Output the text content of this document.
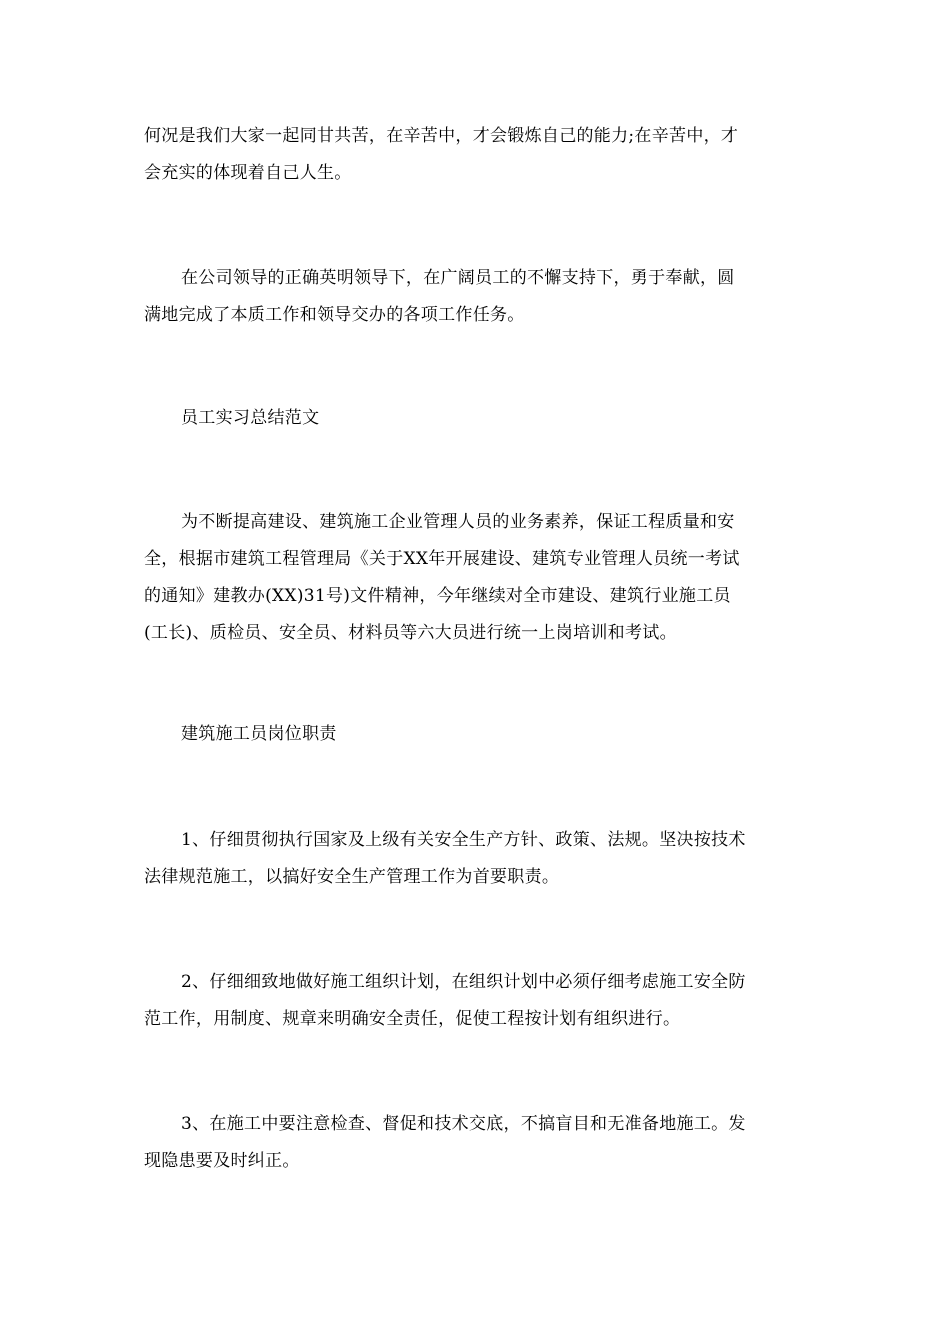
何况是我们大家一起同甘共苦，在辛苦中，才会锻炼自己的能力;在辛苦中，才
会充实的体现着自己人生。

在公司领导的正确英明领导下，在广阔员工的不懈支持下，勇于奉献，圆
满地完成了本质工作和领导交办的各项工作任务。

员工实习总结范文

为不断提高建设、建筑施工企业管理人员的业务素养，保证工程质量和安
全，根据市建筑工程管理局《关于XX年开展建设、建筑专业管理人员统一考试
的通知》建教办(XX)31号)文件精神，今年继续对全市建设、建筑行业施工员
(工长)、质检员、安全员、材料员等六大员进行统一上岗培训和考试。

建筑施工员岗位职责

1、仔细贯彻执行国家及上级有关安全生产方针、政策、法规。坚决按技术
法律规范施工，以搞好安全生产管理工作为首要职责。

2、仔细细致地做好施工组织计划，在组织计划中必须仔细考虑施工安全防
范工作，用制度、规章来明确安全责任，促使工程按计划有组织进行。

3、在施工中要注意检查、督促和技术交底，不搞盲目和无准备地施工。发
现隐患要及时纠正。
